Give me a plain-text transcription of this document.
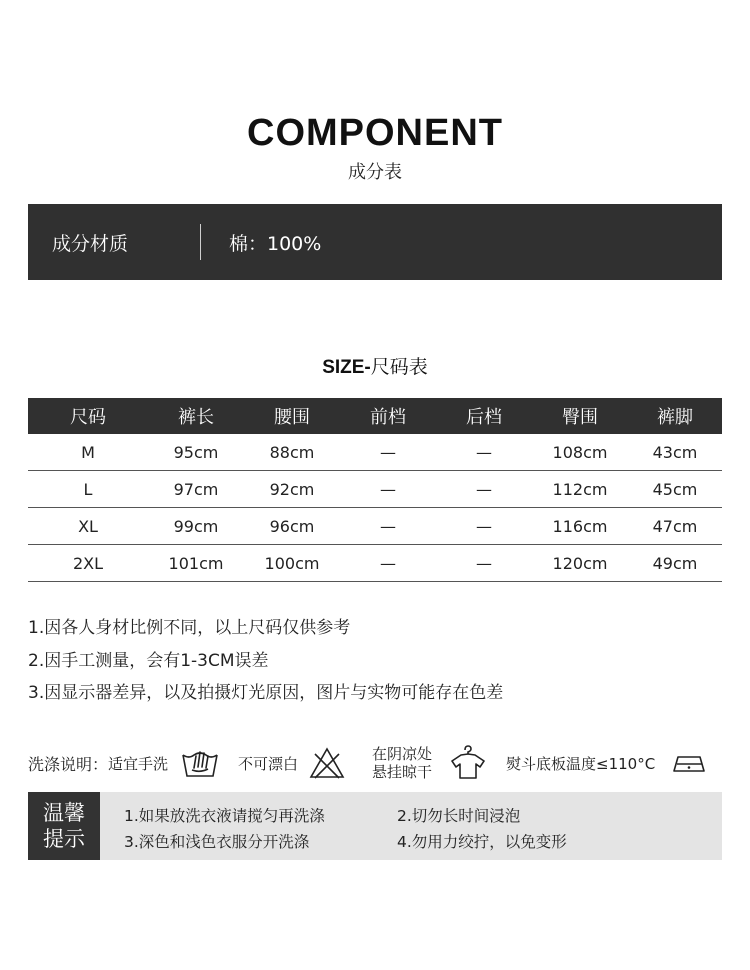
COMPONENT
成分表
成分材质	棉：100%
SIZE-尺码表
尺码	裤长	腰围	前档	后档	臀围	裤脚
M	95cm	88cm	—	—	108cm	43cm
L	97cm	92cm	—	—	112cm	45cm
XL	99cm	96cm	—	—	116cm	47cm
2XL	101cm	100cm	—	—	120cm	49cm
1.因各人身材比例不同，以上尺码仅供参考
2.因手工测量，会有1-3CM误差
3.因显示器差异，以及拍摄灯光原因，图片与实物可能存在色差
洗涤说明： 适宜手洗	不可漂白
在阴凉处
悬挂晾干	熨斗底板温度≤110°C
温馨
提示
1.如果放洗衣液请搅匀再洗涤	2.切勿长时间浸泡
3.深色和浅色衣服分开洗涤	4.勿用力绞拧，以免变形
